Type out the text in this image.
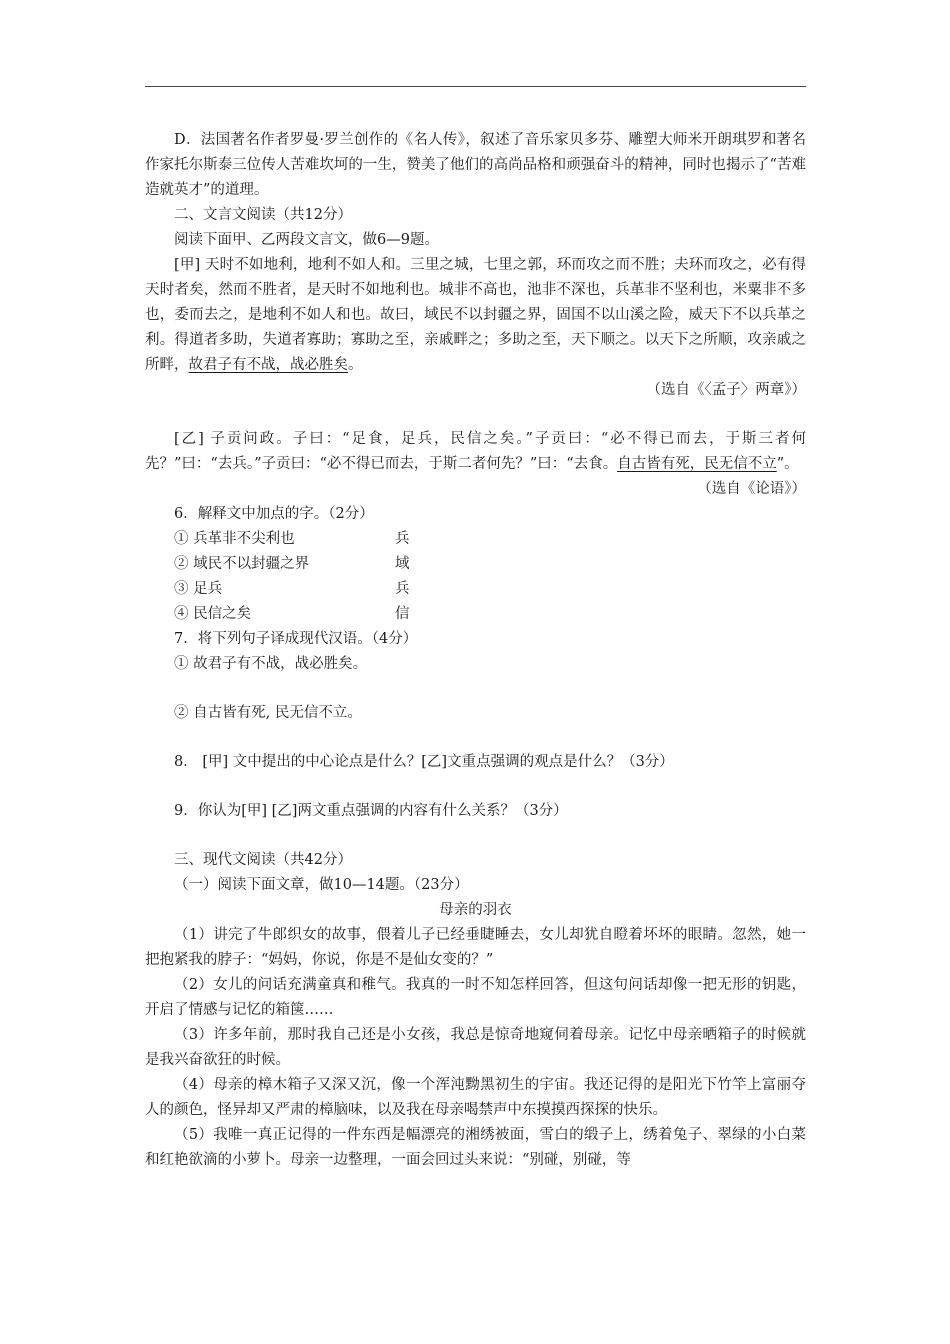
D．法国著名作者罗曼·罗兰创作的《名人传》，叙述了音乐家贝多芬、雕塑大师米开朗琪罗和著名作家托尔斯泰三位传人苦难坎坷的一生，赞美了他们的高尚品格和顽强奋斗的精神，同时也揭示了“苦难造就英才”的道理。

二、文言文阅读（共12分）

阅读下面甲、乙两段文言文，做6—9题。

[甲] 天时不如地利，地利不如人和。三里之城，七里之郭，环而攻之而不胜；夫环而攻之，必有得天时者矣，然而不胜者，是天时不如地利也。城非不高也，池非不深也，兵革非不坚利也，米粟非不多也，委而去之，是地利不如人和也。故曰，域民不以封疆之界，固国不以山溪之险，威天下不以兵革之利。得道者多助，失道者寡助；寡助之至，亲戚畔之；多助之至，天下顺之。以天下之所顺，攻亲戚之所畔，故君子有不战，战必胜矣。

（选自《〈孟子〉两章》）

[乙] 子贡问政。子曰：“足食，足兵，民信之矣。”子贡曰：“必不得已而去，于斯三者何先？”曰：“去兵。”子贡曰：“必不得已而去，于斯二者何先？”曰：“去食。自古皆有死，民无信不立”。

（选自《论语》）

6．解释文中加点的字。（2分）

① 兵革非不尖利也	兵

② 域民不以封疆之界	域

③ 足兵	兵

④ 民信之矣	信

7．将下列句子译成现代汉语。（4分）

① 故君子有不战，战必胜矣。

② 自古皆有死, 民无信不立。

8． [甲] 文中提出的中心论点是什么？[乙]文重点强调的观点是什么？（3分）

9．你认为[甲] [乙]两文重点强调的内容有什么关系？（3分）

三、现代文阅读（共42分）

（一）阅读下面文章，做10—14题。（23分）

母亲的羽衣

（1）讲完了牛郎织女的故事，偎着儿子已经垂睫睡去，女儿却犹自瞪着坏坏的眼睛。忽然，她一把抱紧我的脖子：“妈妈，你说，你是不是仙女变的？”

（2）女儿的问话充满童真和稚气。我真的一时不知怎样回答，但这句问话却像一把无形的钥匙，开启了情感与记忆的箱箧……

（3）许多年前，那时我自己还是小女孩，我总是惊奇地窥伺着母亲。记忆中母亲晒箱子的时候就是我兴奋欲狂的时候。

（4）母亲的樟木箱子又深又沉，像一个浑沌黝黑初生的宇宙。我还记得的是阳光下竹竿上富丽夺人的颜色，怪异却又严肃的樟脑味，以及我在母亲喝禁声中东摸摸西探探的快乐。

（5）我唯一真正记得的一件东西是幅漂亮的湘绣被面，雪白的缎子上，绣着兔子、翠绿的小白菜和红艳欲滴的小萝卜。母亲一边整理，一面会回过头来说：“别碰，别碰，等
